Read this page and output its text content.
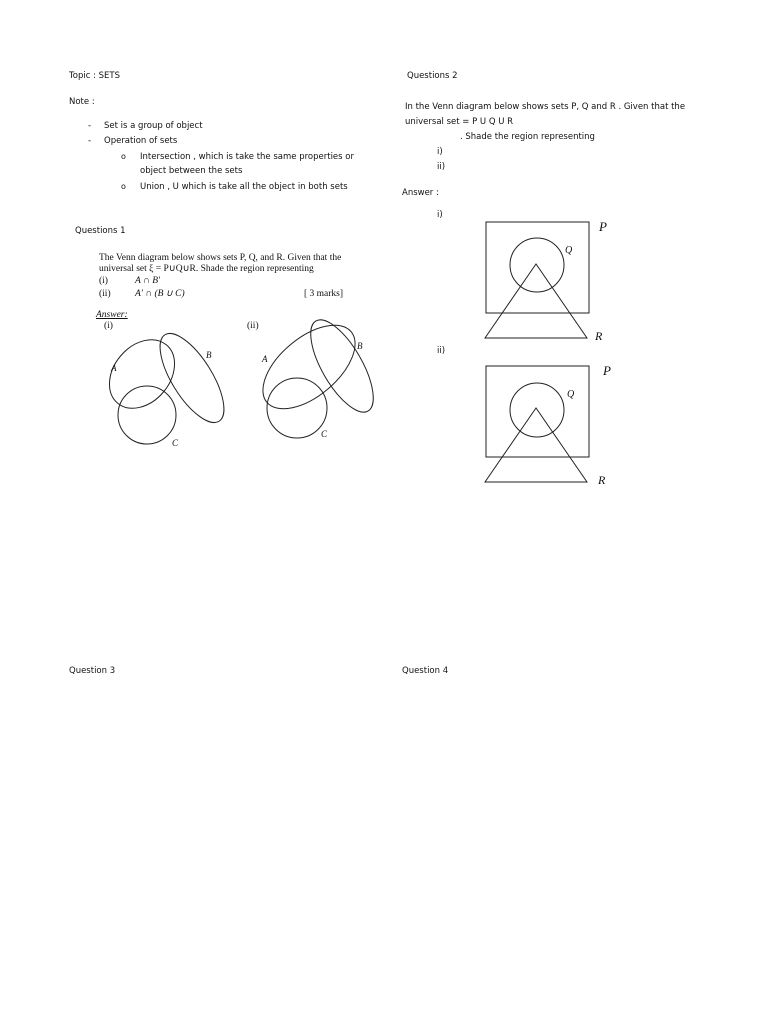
Topic : SETS
Note :
- Set is a group of object
- Operation of sets
o Intersection , which is take the same properties or
object between the sets
o Union , U which is take all the object in both sets
Questions 1
The Venn diagram below shows sets P, Q, and R. Given that the
universal set ξ = P∪Q∪R. Shade the region representing
(i)	A ∩ B'
(ii)	A' ∩ (B ∪ C)	[ 3 marks]
Answer:
(i)	(ii)
A
B
C
A
B
C
Question 3
Questions 2
In the Venn diagram below shows sets P, Q and R . Given that the
universal set = P U Q U R
. Shade the region representing
i)
ii)
Answer :
i)
ii)
P
Q
R
P
Q
R
Question 4
